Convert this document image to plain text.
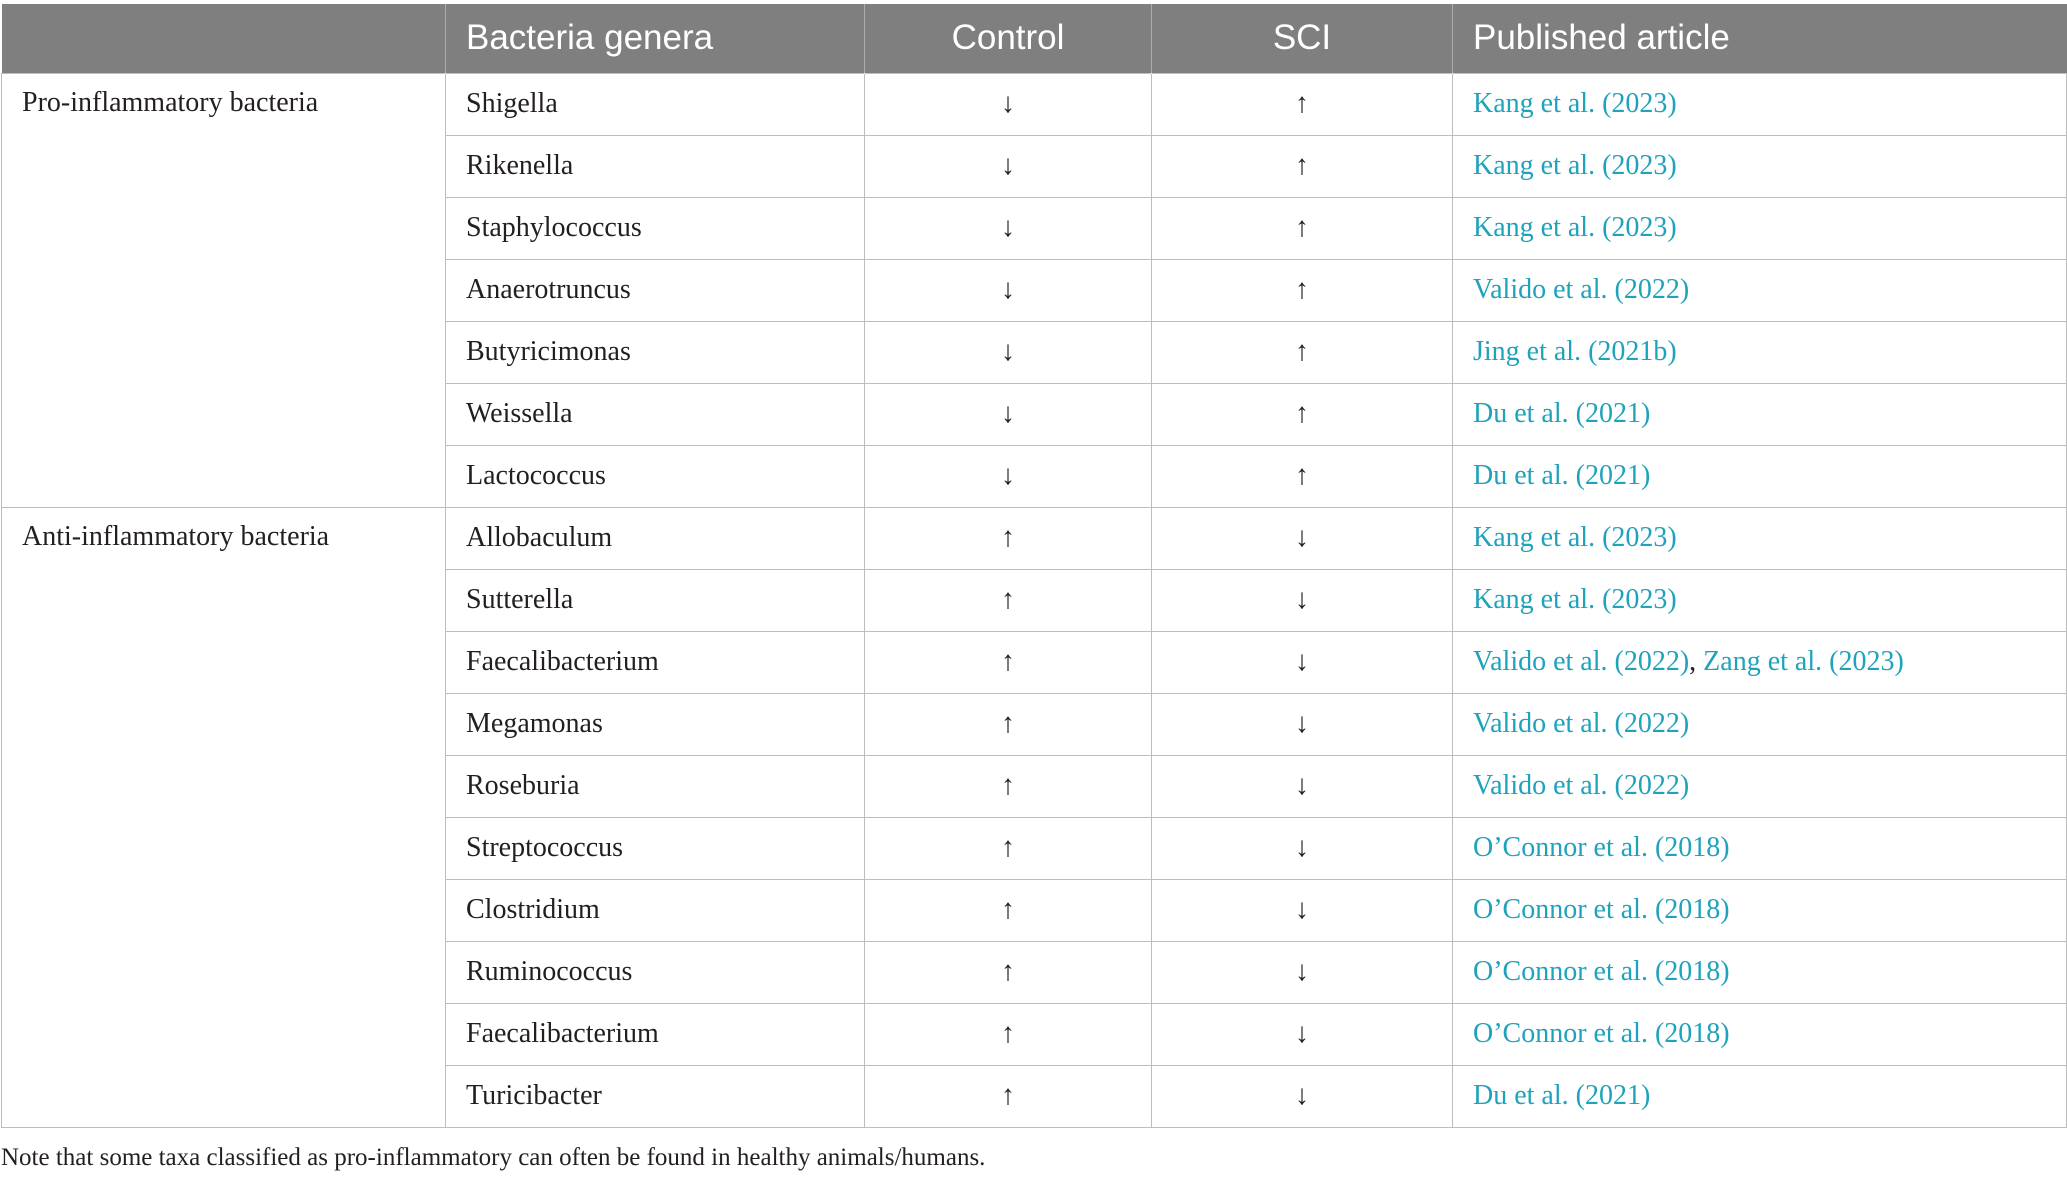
	Bacteria genera	Control	SCI	Published article
Pro-inflammatory bacteria	Shigella	↓	↑	Kang et al. (2023)
	Rikenella	↓	↑	Kang et al. (2023)
	Staphylococcus	↓	↑	Kang et al. (2023)
	Anaerotruncus	↓	↑	Valido et al. (2022)
	Butyricimonas	↓	↑	Jing et al. (2021b)
	Weissella	↓	↑	Du et al. (2021)
	Lactococcus	↓	↑	Du et al. (2021)
Anti-inflammatory bacteria	Allobaculum	↑	↓	Kang et al. (2023)
	Sutterella	↑	↓	Kang et al. (2023)
	Faecalibacterium	↑	↓	Valido et al. (2022), Zang et al. (2023)
	Megamonas	↑	↓	Valido et al. (2022)
	Roseburia	↑	↓	Valido et al. (2022)
	Streptococcus	↑	↓	O’Connor et al. (2018)
	Clostridium	↑	↓	O’Connor et al. (2018)
	Ruminococcus	↑	↓	O’Connor et al. (2018)
	Faecalibacterium	↑	↓	O’Connor et al. (2018)
	Turicibacter	↑	↓	Du et al. (2021)
Note that some taxa classified as pro-inflammatory can often be found in healthy animals/humans.
